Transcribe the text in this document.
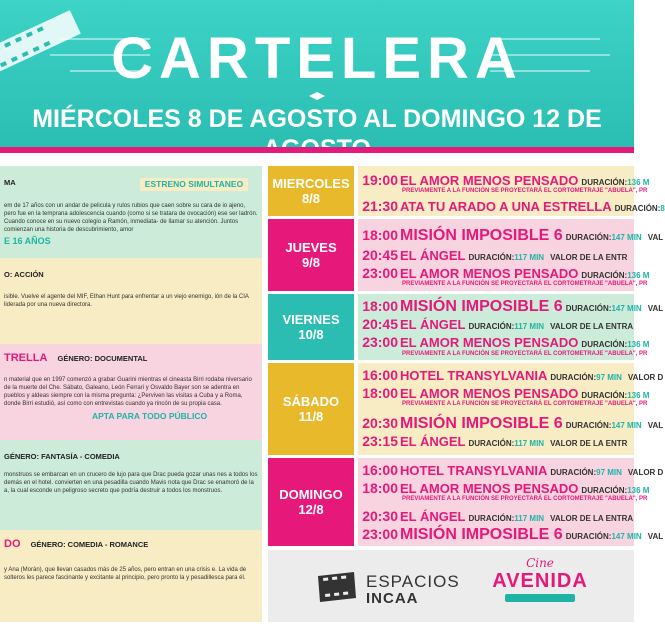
CARTELERA
MIÉRCOLES 8 DE AGOSTO AL DOMINGO 12 DE
MA	ESTRENO SIMULTANEO

em de 17 años con un andar de pelicula y rulos rubios que caen sobre su cara de io ajeno, pero fue en la temprana adolescencia cuando (como si se tratara de ovocación) ese ser ladrón. Cuando conoce en su nuevo colegio a Ramón, inmediata- de llamar su atención. Juntos comienzan una historia de descubrimiento, amor

E 16 AÑOS
O: ACCIÓN

isible. Vuelve el agente del MIF, Ethan Hunt para enfrentar a un viejo enemigo, ión de la CIA liderada por una nueva directora.

TRELLA GÉNERO: DOCUMENTAL

n material que en 1997 comenzó a grabar Guarini mientras el cineasta Birri rodaba niversario de la muerte del Che. Sábato, Galeano, León Ferrari y Osvaldo Bayer son se adentra en pueblos y aldeas siempre con la misma pregunta: ¿Perviven las visitas a Cuba y a Roma, donde Birri estudió, así como con entrevistas cuando ya rincón de su propia casa.

APTA PARA TODO PÚBLICO
GÉNERO: FANTASÍA - COMEDIA

monstruos se embarcan en un crucero de lujo para que Drac pueda gozar unas nes a todos los demás en el hotel. convierten en una pesadilla cuando Mavis nota que Drac se enamoró de la a, la cual esconde un peligroso secreto que podría destruir a todos los monstruos.

DO GÉNERO: COMEDIA - ROMANCE

y Ana (Morán), que llevan casados más de 25 años, pero entran en una crisis e. La vida de solteros les parece fascinante y excitante al principio, pero pronto la y pesadillesca para él.

MIERCOLES
8/8
19:00 EL AMOR MENOS PENSADO DURACIÓN:136 M
PREVIAMENTE A LA FUNCIÓN SE PROYECTARÁ EL CORTOMETRAJE "ABUELA", PR
21:30 ATA TU ARADO A UNA ESTRELLA DURACIÓN:8
JUEVES
9/8
18:00 MISIÓN IMPOSIBLE 6 DURACIÓN:147 MIN VAL
20:45 EL ÁNGEL DURACIÓN:117 MIN VALOR DE LA ENTR
23:00 EL AMOR MENOS PENSADO DURACIÓN:136 M
PREVIAMENTE A LA FUNCIÓN SE PROYECTARÁ EL CORTOMETRAJE "ABUELA", PR
VIERNES
10/8
18:00 MISIÓN IMPOSIBLE 6 DURACIÓN:147 MIN VAL
20:45 EL ÁNGEL DURACIÓN:117 MIN VALOR DE LA ENTRA
23:00 EL AMOR MENOS PENSADO DURACIÓN:136 M
PREVIAMENTE A LA FUNCIÓN SE PROYECTARÁ EL CORTOMETRAJE "ABUELA", PR
SÁBADO
11/8
16:00 HOTEL TRANSYLVANIA DURACIÓN:97 MIN VALOR D
18:00 EL AMOR MENOS PENSADO DURACIÓN:136 M
PREVIAMENTE A LA FUNCIÓN SE PROYECTARÁ EL CORTOMETRAJE "ABUELA", PR
20:30 MISIÓN IMPOSIBLE 6 DURACIÓN:147 MIN VAL
23:15 EL ÁNGEL DURACIÓN:117 MIN VALOR DE LA ENTR
DOMINGO
12/8
16:00 HOTEL TRANSYLVANIA DURACIÓN:97 MIN VALOR D
18:00 EL AMOR MENOS PENSADO DURACIÓN:136 M
PREVIAMENTE A LA FUNCIÓN SE PROYECTARÁ EL CORTOMETRAJE "ABUELA", PR
20:30 EL ÁNGEL DURACIÓN:117 MIN VALOR DE LA ENTRA
23:00 MISIÓN IMPOSIBLE 6 DURACIÓN:147 MIN VAL
ESPACIOS
INCAA
Cine
AVENIDA
